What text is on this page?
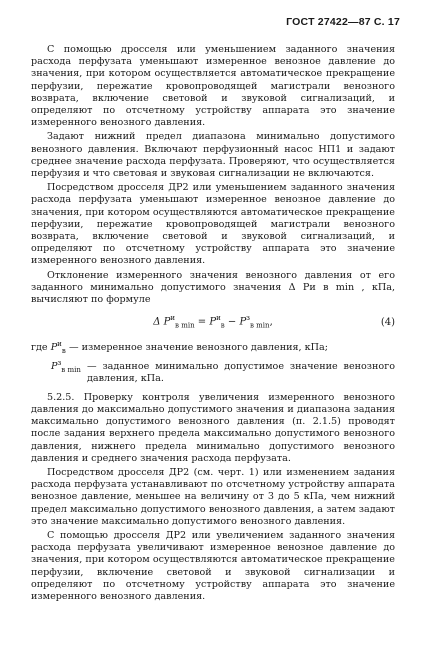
ГОСТ 27422—87 С. 17

С помощью дросселя или уменьшением заданного значения расхода перфузата уменьшают измеренное венозное давление до значения, при котором осуществляется автоматическое прекращение перфузии, пережатие кровопроводящей магистрали венозного возврата, включение световой и звуковой сигнализаций, и определяют по отсчетному устройству аппарата это значение измеренного венозного давления.

Задают нижний предел диапазона минимально допустимого венозного давления. Включают перфузионный насос НП1 и задают среднее значение расхода перфузата. Проверяют, что осуществляется перфузия и что световая и звуковая сигнализации не включаются.

Посредством дросселя ДР2 или уменьшением заданного значения расхода перфузата уменьшают измеренное венозное давление до значения, при котором осуществляются автоматическое прекращение перфузии, пережатие кровопроводящей магистрали венозного возврата, включение световой и звуковой сигнализаций, и определяют по отсчетному устройству аппарата это значение измеренного венозного давления.

Отклонение измеренного значения венозного давления от его заданного минимально допустимого значения Δ Pи в min , кПа, вычисляют по формуле

Δ $P^и_{в min} = P^и_в - P^з_{в min}$,	(4)
где $P^и_в$ — измеренное значение венозного давления, кПа;
$P^з_{в min}$ — заданное минимально допустимое значение венозного давления, кПа.

5.2.5. Проверку контроля увеличения измеренного венозного давления до максимально допустимого значения и диапазона задания максимально допустимого венозного давления (п. 2.1.5) проводят после задания верхнего предела максимально допустимого венозного давления, нижнего предела минимально допустимого венозного давления и среднего значения расхода перфузата.

Посредством дросселя ДР2 (см. черт. 1) или изменением задания расхода перфузата устанавливают по отсчетному устройству аппарата венозное давление, меньшее на величину от 3 до 5 кПа, чем нижний предел максимально допустимого венозного давления, а затем задают это значение максимально допустимого венозного давления.

С помощью дросселя ДР2 или увеличением заданного значения расхода перфузата увеличивают измеренное венозное давление до значения, при котором осуществляются автоматическое прекращение перфузии, включение световой и звуковой сигнализации и определяют по отсчетному устройству аппарата это значение измеренного венозного давления.
